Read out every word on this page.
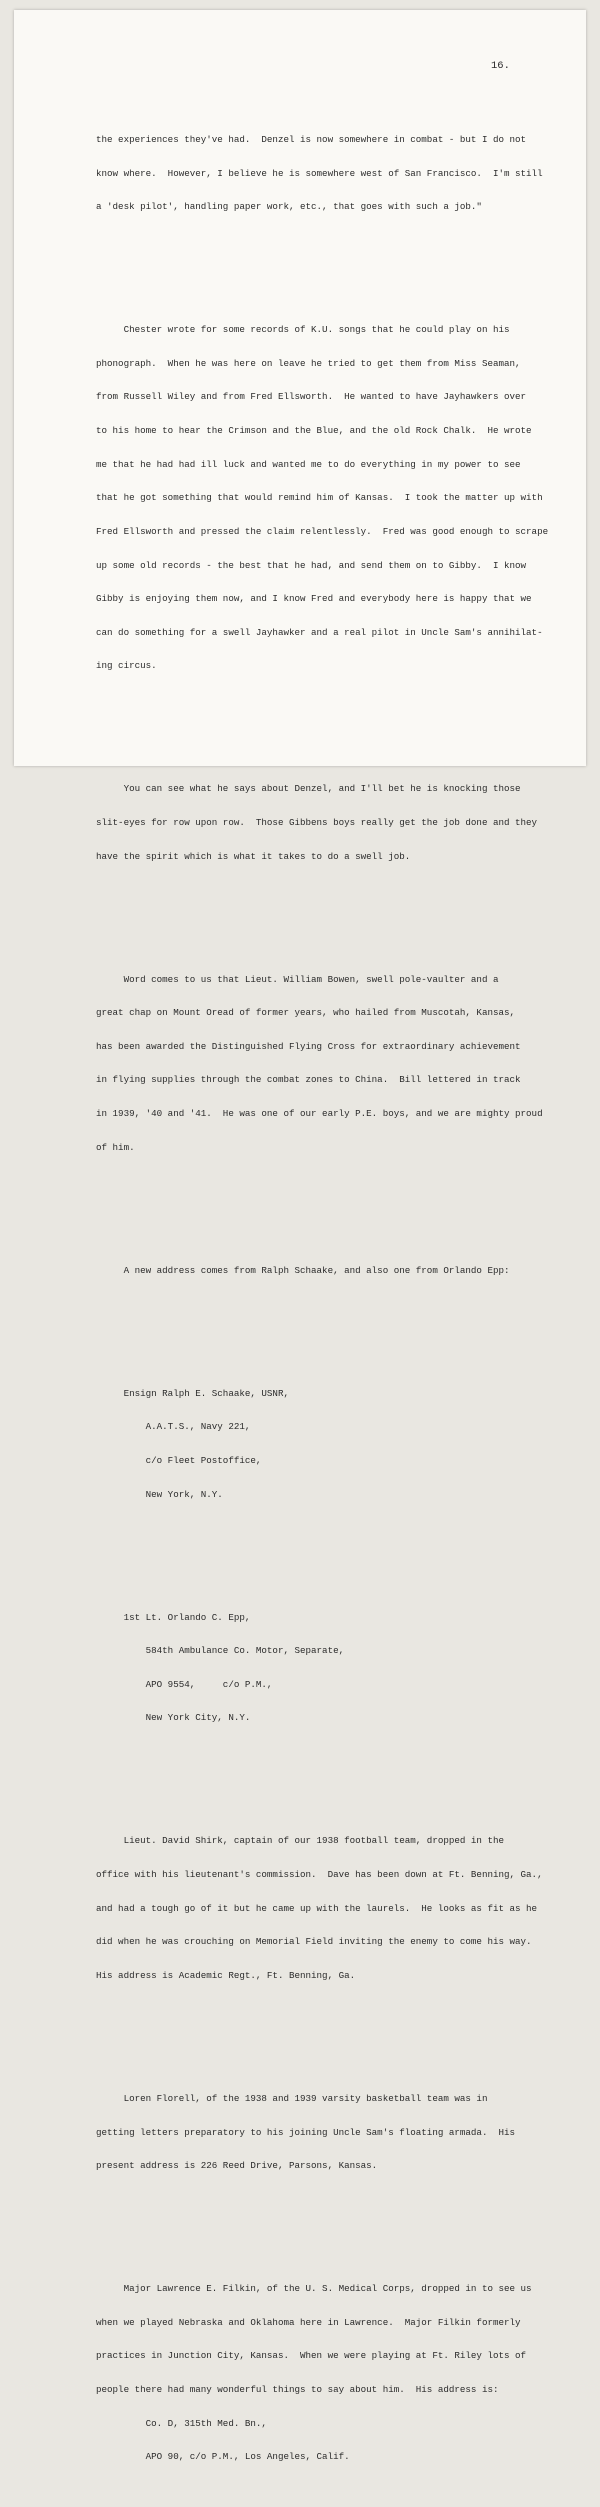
16.

the experiences they've had.  Denzel is now somewhere in combat - but I do not

know where.  However, I believe he is somewhere west of San Francisco.  I'm still

a 'desk pilot', handling paper work, etc., that goes with such a job."

Chester wrote for some records of K.U. songs that he could play on his

phonograph.  When he was here on leave he tried to get them from Miss Seaman,

from Russell Wiley and from Fred Ellsworth.  He wanted to have Jayhawkers over

to his home to hear the Crimson and the Blue, and the old Rock Chalk.  He wrote

me that he had had ill luck and wanted me to do everything in my power to see

that he got something that would remind him of Kansas.  I took the matter up with

Fred Ellsworth and pressed the claim relentlessly.  Fred was good enough to scrape

up some old records - the best that he had, and send them on to Gibby.  I know

Gibby is enjoying them now, and I know Fred and everybody here is happy that we

can do something for a swell Jayhawker and a real pilot in Uncle Sam's annihilat-

ing circus.

You can see what he says about Denzel, and I'll bet he is knocking those

slit-eyes for row upon row.  Those Gibbens boys really get the job done and they

have the spirit which is what it takes to do a swell job.

Word comes to us that Lieut. William Bowen, swell pole-vaulter and a

great chap on Mount Oread of former years, who hailed from Muscotah, Kansas,

has been awarded the Distinguished Flying Cross for extraordinary achievement

in flying supplies through the combat zones to China.  Bill lettered in track

in 1939, '40 and '41.  He was one of our early P.E. boys, and we are mighty proud

of him.

A new address comes from Ralph Schaake, and also one from Orlando Epp:

Ensign Ralph E. Schaake, USNR,

A.A.T.S., Navy 221,

c/o Fleet Postoffice,

New York, N.Y.

1st Lt. Orlando C. Epp,

584th Ambulance Co. Motor, Separate,

APO 9554,     c/o P.M.,

New York City, N.Y.

Lieut. David Shirk, captain of our 1938 football team, dropped in the

office with his lieutenant's commission.  Dave has been down at Ft. Benning, Ga.,

and had a tough go of it but he came up with the laurels.  He looks as fit as he

did when he was crouching on Memorial Field inviting the enemy to come his way.

His address is Academic Regt., Ft. Benning, Ga.

Loren Florell, of the 1938 and 1939 varsity basketball team was in

getting letters preparatory to his joining Uncle Sam's floating armada.  His

present address is 226 Reed Drive, Parsons, Kansas.

Major Lawrence E. Filkin, of the U. S. Medical Corps, dropped in to see us

when we played Nebraska and Oklahoma here in Lawrence.  Major Filkin formerly

practices in Junction City, Kansas.  When we were playing at Ft. Riley lots of

people there had many wonderful things to say about him.  His address is:

Co. D, 315th Med. Bn.,

APO 90, c/o P.M., Los Angeles, Calif.
